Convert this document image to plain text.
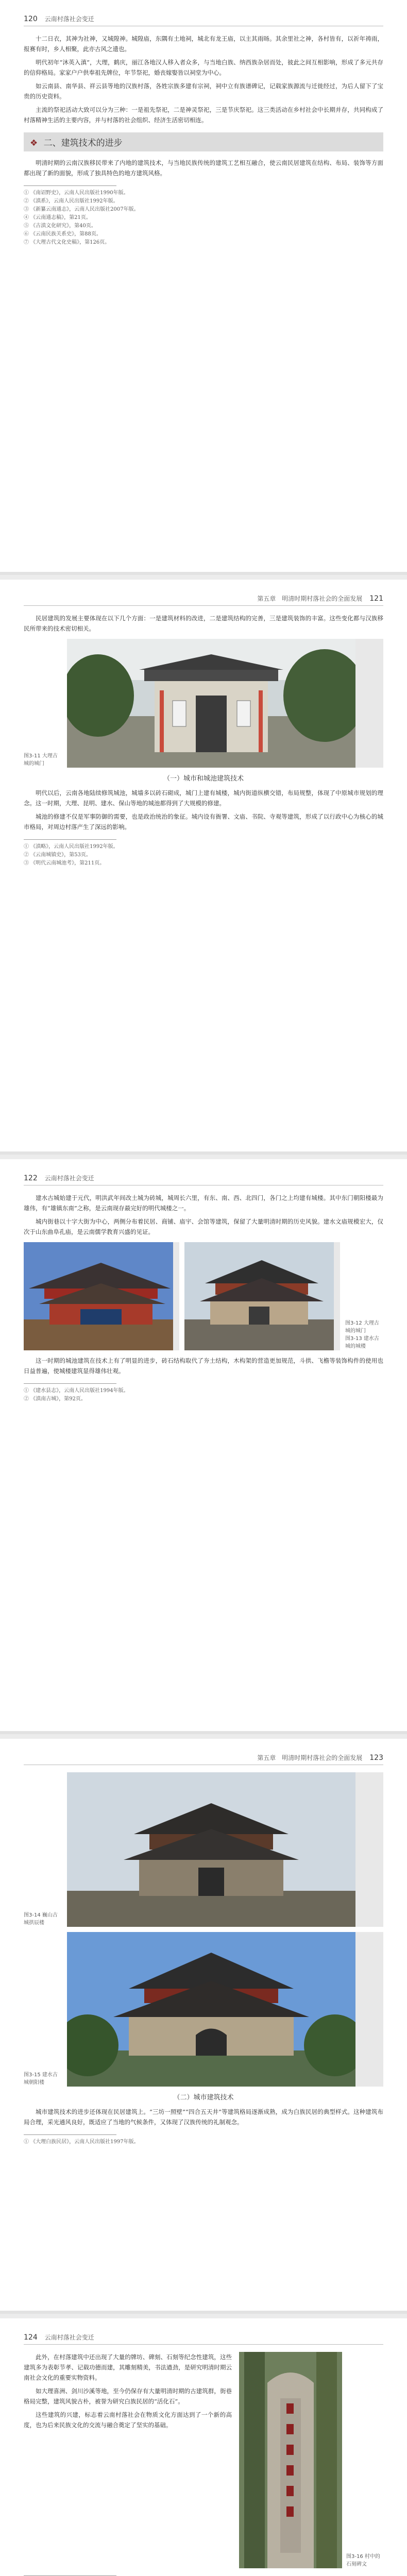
120 云南村落社会变迁

十二日衣，其神为社神，又城隍神。城隍庙，东隅有土地祠，城北有龙王庙，以主其雨旸。其余里社之神，各村皆有，以祈年祷雨，报赛有时，乡人相聚，此亦古风之遗也。

明代初年“沐英入滇”，大理，鹤庆，丽江各地汉人移入者众多，与当地白族、纳西族杂居而处，彼此之间互相影响，形成了多元共存的信仰格局。家家户户供奉祖先牌位，年节祭祀，婚丧嫁娶皆以祠堂为中心。

如云南县、南华县、祥云县等地的汉族村落，各姓宗族多建有宗祠，祠中立有族谱碑记，记载家族源流与迁徙经过，为后人留下了宝贵的历史资料。

主流的祭祀活动大致可以分为三种：一是祖先祭祀，二是神灵祭祀，三是节庆祭祀。这三类活动在乡村社会中长期并存，共同构成了村落精神生活的主要内容，并与村落的社会组织、经济生活密切相连。

❖ 二、建筑技术的进步

明清时期的云南汉族移民带来了内地的建筑技术，与当地民族传统的建筑工艺相互融合，使云南民居建筑在结构、布局、装饰等方面都出现了新的面貌，形成了独具特色的地方建筑风格。

① 《南诏野史》，云南人民出版社1990年版。

② 《滇系》，云南人民出版社1992年版。

③ 《新纂云南通志》，云南人民出版社2007年版。

④ 《云南通志稿》，第21页。

⑤ 《古滇文化研究》，第40页。

⑥ 《云南民族关系史》，第88页。

⑦ 《大理古代文化史稿》，第126页。

第五章　明清时期村落社会的全面发展 121

民居建筑的发展主要体现在以下几个方面：一是建筑材料的改进，二是建筑结构的完善，三是建筑装饰的丰富。这些变化都与汉族移民所带来的技术密切相关。

图3-11 大理古城的城门
（一）城市和城池建筑技术

明代以后，云南各地陆续修筑城池，城墙多以砖石砌成，城门上建有城楼，城内街道纵横交错，布局规整，体现了中原城市规划的理念。这一时期，大理、昆明、建水、保山等地的城池都得到了大规模的修建。

城池的修建不仅是军事防御的需要，也是政治统治的象征。城内设有衙署、文庙、书院、寺观等建筑，形成了以行政中心为核心的城市格局，对周边村落产生了深远的影响。

① 《滇略》，云南人民出版社1992年版。

② 《云南城镇史》，第53页。

③ 《明代云南城池考》，第211页。

122 云南村落社会变迁

建水古城始建于元代，明洪武年间改土城为砖城，城周长六里，有东、南、西、北四门，各门之上均建有城楼。其中东门朝阳楼最为雄伟，有“雄镇东南”之称，是云南现存最完好的明代城楼之一。

城内街巷以十字大街为中心，两侧分布着民居、商铺、庙宇、会馆等建筑，保留了大量明清时期的历史风貌。建水文庙规模宏大，仅次于山东曲阜孔庙，是云南儒学教育兴盛的见证。

图3-12 大理古城的城门
图3-13 建水古城的城楼

这一时期的城池建筑在技术上有了明显的进步，砖石结构取代了夯土结构，木构架的营造更加规范，斗拱、飞檐等装饰构件的使用也日益普遍，使城楼建筑显得雄伟壮观。

① 《建水县志》，云南人民出版社1994年版。

② 《滇南古城》，第92页。

第五章　明清时期村落社会的全面发展 123
图3-14 巍山古城拱辰楼
图3-15 建水古城朝阳楼
（二）城市建筑技术

城市建筑技术的进步还体现在民居建筑上。“三坊一照壁”“四合五天井”等建筑格局逐渐成熟，成为白族民居的典型样式。这种建筑布局合理，采光通风良好，既适应了当地的气候条件，又体现了汉族传统的礼制观念。

① 《大理白族民居》，云南人民出版社1997年版。

124 云南村落社会变迁

此外，在村落建筑中还出现了大量的牌坊、碑刻、石刻等纪念性建筑，这些建筑多为表彰节孝、记载功德而建，其雕刻精美，书法遒劲，是研究明清时期云南社会文化的重要实物资料。

如大理喜洲、剑川沙溪等地，至今仍保存有大量明清时期的古建筑群，街巷格局完整，建筑风貌古朴，被誉为研究白族民居的“活化石”。

这些建筑的兴建，标志着云南村落社会在物质文化方面达到了一个新的高度，也为后来民族文化的交流与融合奠定了坚实的基础。

图3-16 村中的石刻碑文
